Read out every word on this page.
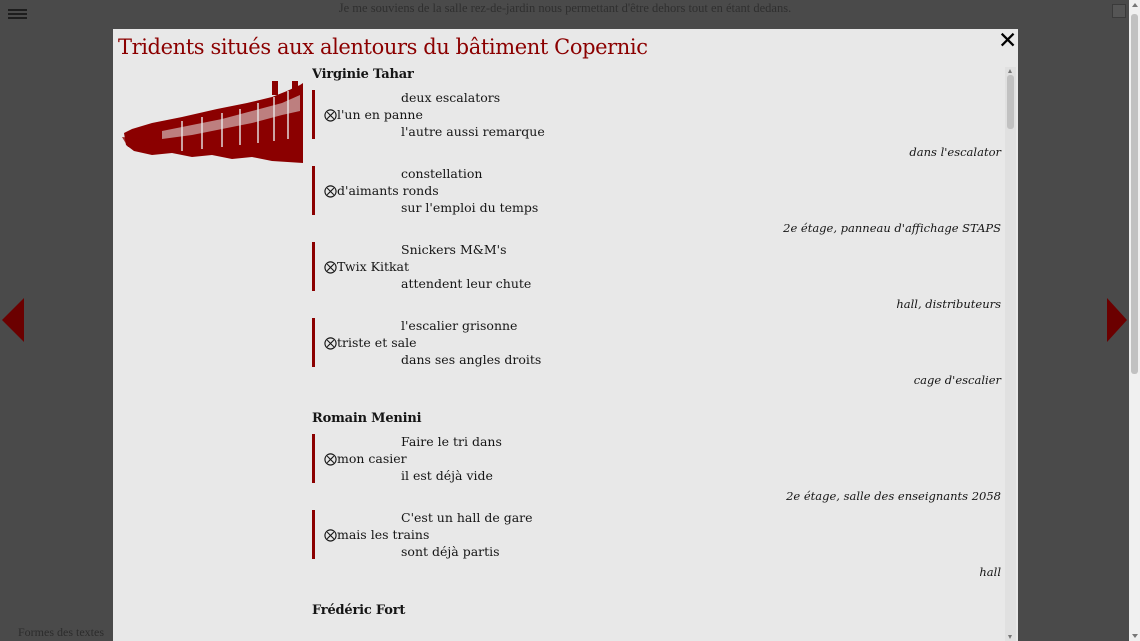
Je me souviens de la salle rez-de-jardin nous permettant d'être dehors tout en étant dedans.
Formes des textes
Tridents situés aux alentours du bâtiment Copernic	✕
Virginie Tahar
deux escalators
⨂l'un en panne
l'autre aussi remarque
dans l'escalator
constellation
⨂d'aimants ronds
sur l'emploi du temps
2e étage, panneau d'affichage STAPS
Snickers M&M's
⨂Twix Kitkat
attendent leur chute
hall, distributeurs
l'escalier grisonne
⨂triste et sale
dans ses angles droits
cage d'escalier
Romain Menini
Faire le tri dans
⨂mon casier
il est déjà vide
2e étage, salle des enseignants 2058
C'est un hall de gare
⨂mais les trains
sont déjà partis
hall
Frédéric Fort
